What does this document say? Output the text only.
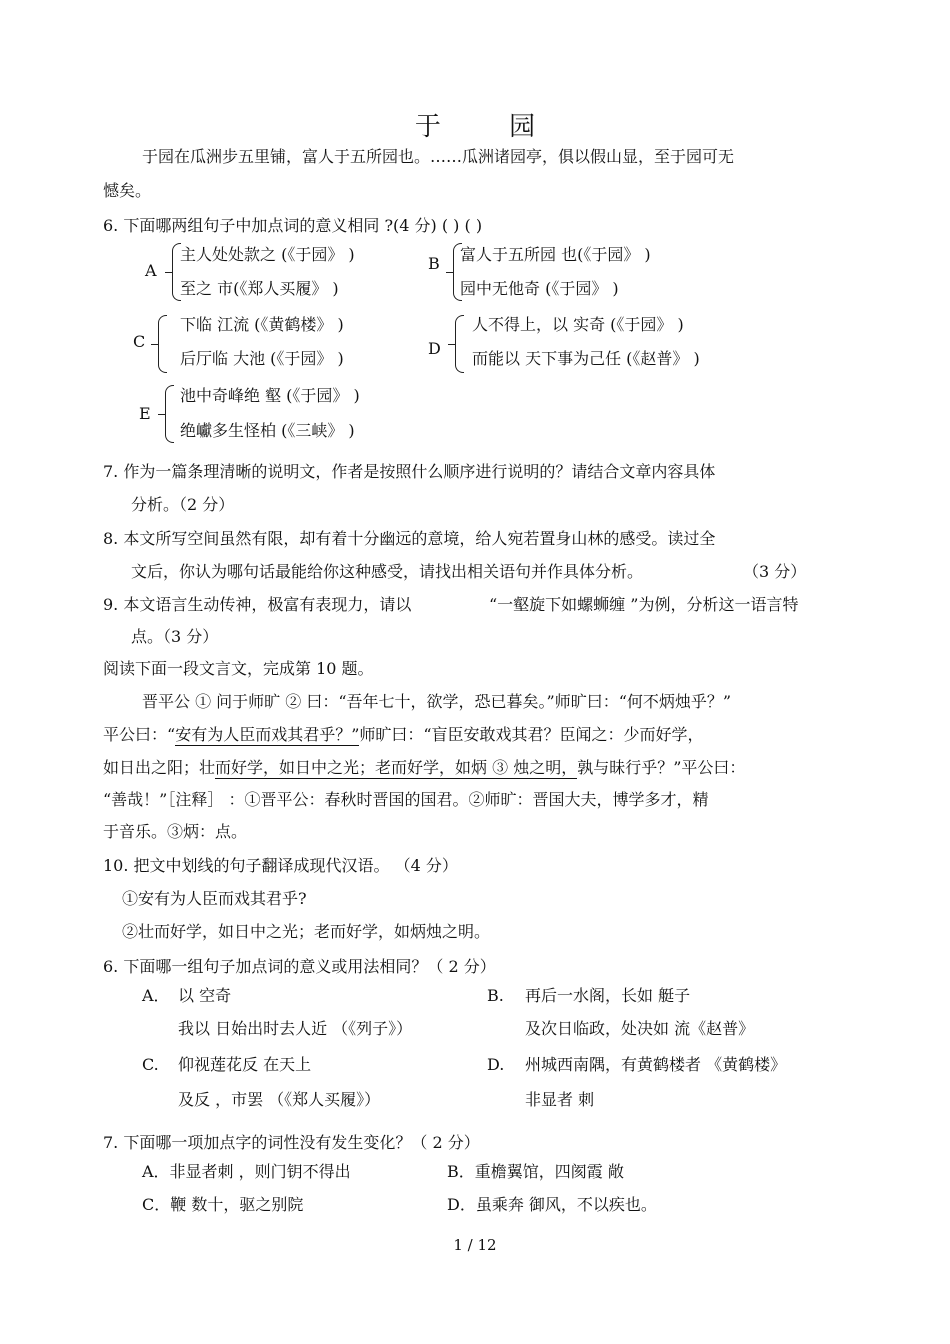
于 园
于园在瓜洲步五里铺，富人于五所园也。……瓜洲诸园亭，俱以假山显，至于园可无
憾矣。
6. 下面哪两组句子中加点词的意义相同 ?(4 分) ( ) ( )
A
主人处处款之 (《于园》 )
至之 市(《郑人买履》 )
B 富人于五所园 也(《于园》 )
园中无他奇 (《于园》 )
C
下临 江流 (《黄鹤楼》 )
后厅临 大池 (《于园》 )
D
人不得上，以 实奇 (《于园》 )
而能以 天下事为己任 (《赵普》 )
E
池中奇峰绝 壑 (《于园》 )
绝巘多生怪柏 (《三峡》 )
7. 作为一篇条理清晰的说明文，作者是按照什么顺序进行说明的？请结合文章内容具体
分析。（2 分）
8. 本文所写空间虽然有限，却有着十分幽远的意境，给人宛若置身山林的感受。读过全
文后，你认为哪句话最能给你这种感受，请找出相关语句并作具体分析。	（3 分）
9. 本文语言生动传神，极富有表现力，请以	“一壑旋下如螺蛳缠 ”为例，分析这一语言特
点。（3 分）
阅读下面一段文言文，完成第 10 题。
晋平公 ① 问于师旷 ② 曰：“吾年七十，欲学，恐已暮矣。”师旷曰：“何不炳烛乎？”
平公曰：“安有为人臣而戏其君乎？”师旷曰：“盲臣安敢戏其君？臣闻之：少而好学，
如日出之阳；壮而好学，如日中之光；老而好学，如炳 ③ 烛之明，孰与昧行乎？”平公曰：
“善哉！”［注释］ ：①晋平公：春秋时晋国的国君。②师旷：晋国大夫，博学多才，精
于音乐。③炳：点。
10. 把文中划线的句子翻译成现代汉语。 （4 分）
①安有为人臣而戏其君乎?
②壮而好学，如日中之光；老而好学，如炳烛之明。
6. 下面哪一组句子加点词的意义或用法相同？（ 2 分）
A． 以 空奇
我以 日始出时去人近 （《列子》）
B. 再后一水阁，长如 艇子
及次日临政，处决如 流《赵普》
C. 仰视莲花反 在天上
及反 ，市罢 （《郑人买履》）
D. 州城西南隅，有黄鹤楼者 《黄鹤楼》
非显者 刺
7. 下面哪一项加点字的词性没有发生变化？（ 2 分）
A．非显者刺 ，则门钥不得出	B．重檐翼馆，四阂霞 敞
C．鞭 数十，驱之别院	D．虽乘奔 御风，不以疾也。
1 / 12
